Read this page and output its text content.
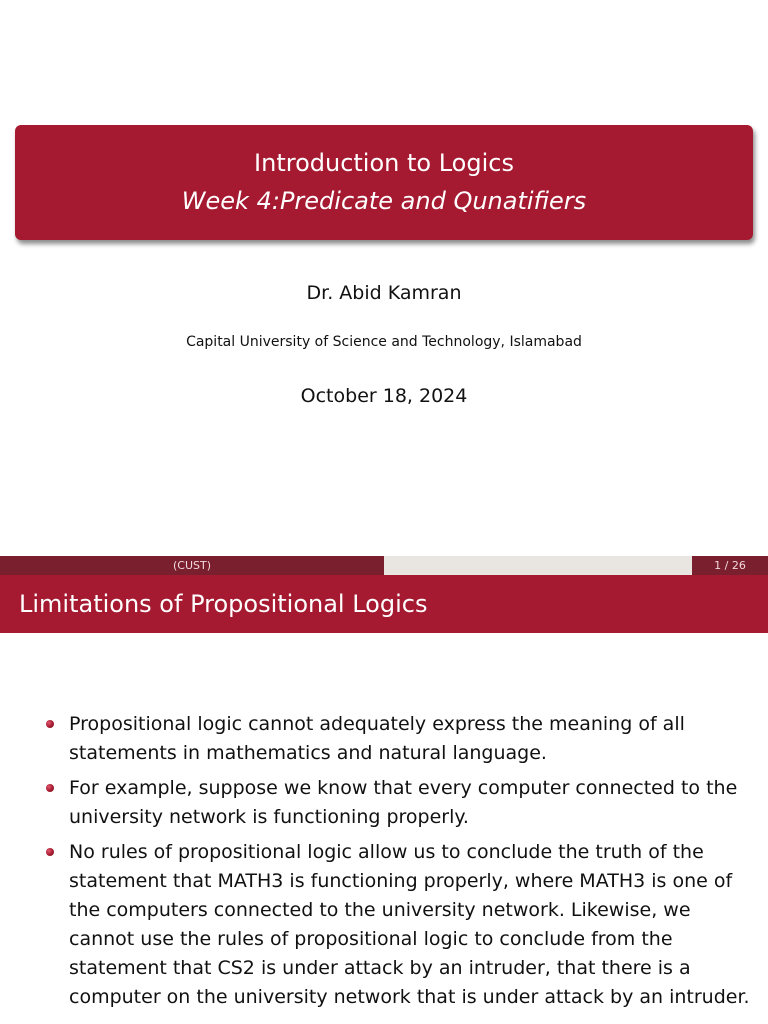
Introduction to Logics
Week 4:Predicate and Qunatifiers
Dr. Abid Kamran
Capital University of Science and Technology, Islamabad
October 18, 2024
(CUST)	1 / 26
Limitations of Propositional Logics
Propositional logic cannot adequately express the meaning of all statements in mathematics and natural language.
For example, suppose we know that every computer connected to the university network is functioning properly.
No rules of propositional logic allow us to conclude the truth of the statement that MATH3 is functioning properly, where MATH3 is one of the computers connected to the university network. Likewise, we cannot use the rules of propositional logic to conclude from the statement that CS2 is under attack by an intruder, that there is a computer on the university network that is under attack by an intruder.
